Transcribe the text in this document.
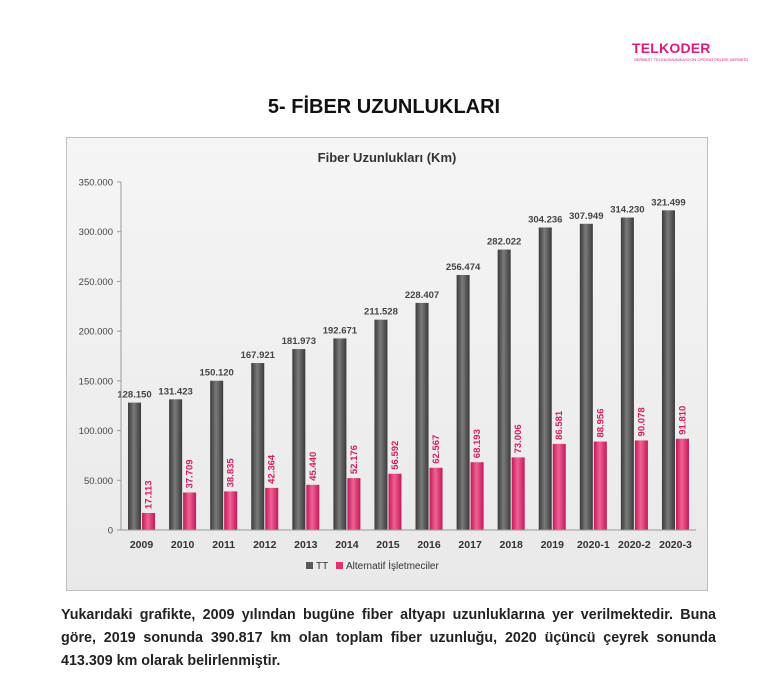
TELKODER
SERBEST TELEKOMÜNİKASYON OPERATÖRLERİ DERNEĞİ
5- FİBER UZUNLUKLARI
Fiber Uzunlukları (Km)
2009
128.150
17.113
2010
131.423
37.709
2011
150.120
38.835
2012
167.921
42.364
2013
181.973
45.440
2014
192.671
52.176
2015
211.528
56.592
2016
228.407
62.567
2017
256.474
68.193
2018
282.022
73.006
2019
304.236
86.581
2020-1
307.949
88.956
2020-2
314.230
90.078
2020-3
321.499
91.810
0
50.000
100.000
150.000
200.000
250.000
300.000
350.000
TT Alternatif İşletmeciler
Yukarıdaki grafikte, 2009 yılından bugüne fiber altyapı uzunluklarına yer verilmektedir. Buna göre, 2019 sonunda 390.817 km olan toplam fiber uzunluğu, 2020 üçüncü çeyrek sonunda 413.309 km olarak belirlenmiştir.
